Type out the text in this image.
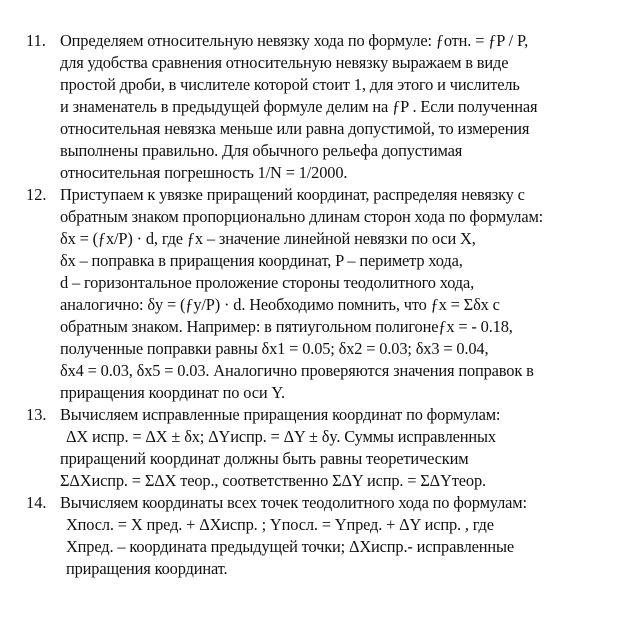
11. Определяем относительную невязку хода по формуле: ƒотн. = ƒP / P,
для удобства сравнения относительную невязку выражаем в виде
простой дроби, в числителе которой стоит 1, для этого и числитель
и знаменатель в предыдущей формуле делим на ƒP . Если полученная
относительная невязка меньше или равна допустимой, то измерения
выполнены правильно. Для обычного рельефа допустимая
относительная погрешность 1/N = 1/2000.
12. Приступаем к увязке приращений координат, распределяя невязку с
обратным знаком пропорционально длинам сторон хода по формулам:
δx = (ƒx/P) · d, где ƒx – значение линейной невязки по оси X,
δx – поправка в приращения координат, P – периметр хода,
d – горизонтальное проложение стороны теодолитного хода,
аналогично: δy = (ƒy/P) · d. Необходимо помнить, что ƒx = Σδx с
обратным знаком. Например: в пятиугольном полигонеƒx = - 0.18,
полученные поправки равны δx1 = 0.05; δx2 = 0.03; δx3 = 0.04,
δx4 = 0.03, δx5 = 0.03. Аналогично проверяются значения поправок в
приращения координат по оси Y.
13. Вычисляем исправленные приращения координат по формулам:
ΔX испр. = ΔX ± δx; ΔYиспр. = ΔY ± δy. Суммы исправленных
приращений координат должны быть равны теоретическим
ΣΔXиспр. = ΣΔX теор., соответственно ΣΔY испр. = ΣΔYтеор.
14. Вычисляем координаты всех точек теодолитного хода по формулам:
Xпосл. = X пред. + ΔXиспр. ; Yпосл. = Yпред. + ΔY испр. , где
Xпред. – координата предыдущей точки; ΔXиспр.- исправленные
приращения координат.
